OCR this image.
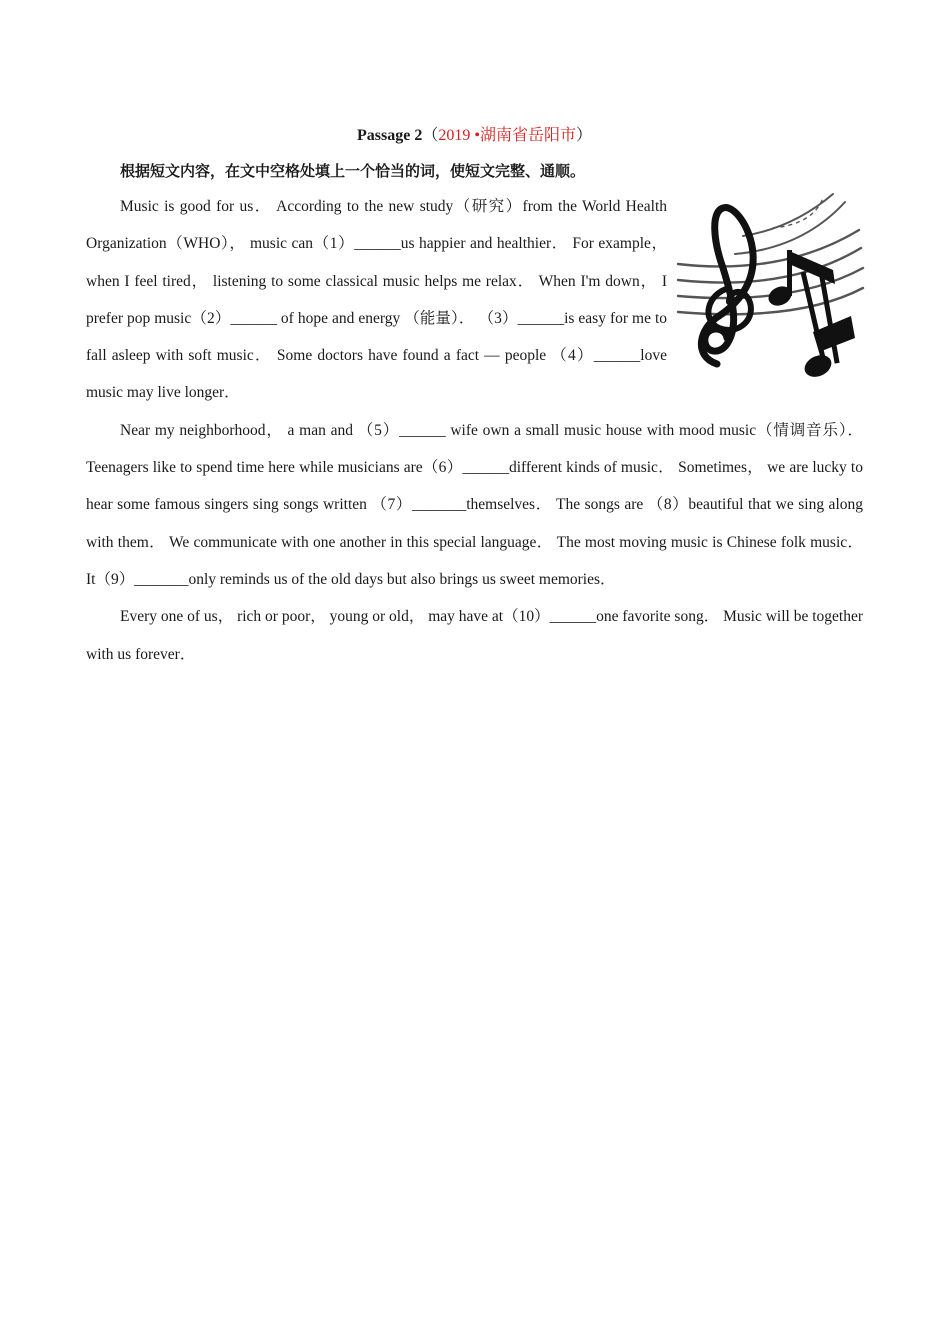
Passage 2（2019 •湖南省岳阳市）
根据短文内容，在文中空格处填上一个恰当的词，使短文完整、通顺。

Music is good for us． According to the new study（研究）from the World Health Organization（WHO）， music can（1）______us happier and healthier． For example， when I feel tired， listening to some classical music helps me relax． When I'm down， I prefer pop music（2）______ of hope and energy （能量）． （3）______is easy for me to fall asleep with soft music． Some doctors have found a fact — people （4）______love music may live longer．

Near my neighborhood， a man and （5）______ wife own a small music house with mood music（情调音乐）． Teenagers like to spend time here while musicians are（6）______different kinds of music． Sometimes， we are lucky to hear some famous singers sing songs written （7）_______themselves． The songs are （8）beautiful that we sing along with them． We communicate with one another in this special language． The most moving music is Chinese folk music． It（9）_______only reminds us of the old days but also brings us sweet memories．

Every one of us， rich or poor， young or old， may have at（10）______one favorite song． Music will be together with us forever．
